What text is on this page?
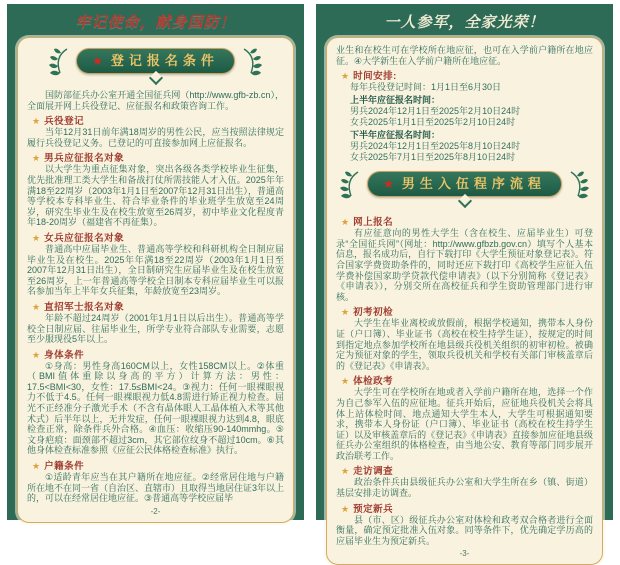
牢记使命，献身国防！
★ 登记报名条件

国防部征兵办公室开通全国征兵网（http://www.gfb-zb.cn），全面展开网上兵役登记、应征报名和政策咨询工作。

★ 兵役登记

当年12月31日前年满18周岁的男性公民，应当按照法律规定履行兵役登记义务。已登记的可直接参加网上应征报名。

★ 男兵应征报名对象

以大学生为重点征集对象，突出各级各类学校毕业生征集，优先批准理工类大学生和备战打仗所需技能人才入伍。2025年年满18至22周岁（2003年1月1日至2007年12月31日出生），普通高等学校本专科毕业生、符合毕业条件的毕业班学生放宽至24周岁，研究生毕业生及在校生放宽至26周岁，初中毕业文化程度青年18-20周岁（福建省不再征集）。

★ 女兵应征报名对象

普通高中应届毕业生、普通高等学校和科研机构全日制应届毕业生及在校生。2025年年满18至22周岁（2003年1月1日至2007年12月31日出生），全日制研究生应届毕业生及在校生放宽至26周岁，上一年普通高等学校全日制本专科应届毕业生可以报名参加当年上半年女兵征集，年龄放宽至23周岁。

★ 直招军士报名对象

年龄不超过24周岁（2001年1月1日以后出生）。普通高等学校全日制应届、往届毕业生，所学专业符合部队专业需要，志愿至少服现役5年以上。

★ 身体条件

①身高：男性身高160CM以上，女性158CM以上。②体重（BMI值体重除以身高的平方）计算方法：男性：17.5<BMI<30，女性：17.5≤BMI<24。③视力：任何一眼裸眼视力不低于4.5。任何一眼裸眼视力低4.8需进行矫正视力检查。屈光不正经准分子激光手术（不含有晶体眼人工晶体植入术等其他术式）后半年以上，无并发症，任何一眼裸眼视力达到4.8，眼底检查正常，除条件兵外合格。④血压：收缩压90-140mmhg。⑤文身疤痕：面颈部不超过3cm，其它部位纹身不超过10cm。⑥其他身体检查标准参照《应征公民体格检查标准》执行。

★ 户籍条件

①适龄青年应当在其户籍所在地应征。②经常居住地与户籍所在地不在同一省（自治区、直辖市）且取得当地居住证3年以上的，可以在经常居住地应征。③普通高等学校应届毕

-2-
一人参军，全家光荣！

业生和在校生可在学校所在地应征，也可在入学前户籍所在地应征。④大学新生在入学前户籍所在地应征。

★ 时间安排:
每年兵役登记时间：1月1日至6月30日
上半年应征报名时间：
男兵2024年12月1日至2025年2月10日24时
女兵2025年1月1日至2025年2月10日24时
下半年应征报名时间：
男兵2024年12月1日至2025年8月10日24时
女兵2025年7月1日至2025年8月10日24时
★ 男生入伍程序流程
★ 网上报名

有应征意向的男性大学生（含在校生、应届毕业生）可登录“全国征兵网”（网址：http://www.gfbzb.gov.cn）填写个人基本信息，报名成功后，自行下载打印《大学生预征对象登记表》。符合国家学费资助条件的，同时还应下载打印《高校学生应征入伍学费补偿国家助学贷款代偿申请表》（以下分别简称《登记表》《申请表》），分别交所在高校征兵和学生资助管理部门进行审核。

★ 初考初检

大学生在毕业离校或放假前，根据学校通知，携带本人身份证（户口簿）、毕业证书（高校在校生持学生证），按规定的时间到指定地点参加学校所在地县级兵役机关组织的初审初检。被确定为预征对象的学生，领取兵役机关和学校有关部门审核盖章后的《登记表》《申请表》。

★ 体检政考

大学生可在学校所在地或者入学前户籍所在地，选择一个作为自己参军入伍的应征地。征兵开始后，应征地兵役机关会将具体上站体检时间、地点通知大学生本人，大学生可根据通知要求，携带本人身份证（户口簿）、毕业证书（高校在校生持学生证）以及审核盖章后的《登记表》《申请表》直接参加应征地县级征兵办公室组织的体格检查，由当地公安、教育等部门同步展开政治联考工作。

★ 走访调查

政治条件兵由县级征兵办公室和大学生所在乡（镇、街道）基层安排走访调查。

★ 预定新兵

县（市、区）级征兵办公室对体检和政考双合格者进行全面衡量，确定预定批准入伍对象。同等条件下，优先确定学历高的应届毕业生为预定新兵。

-3-
